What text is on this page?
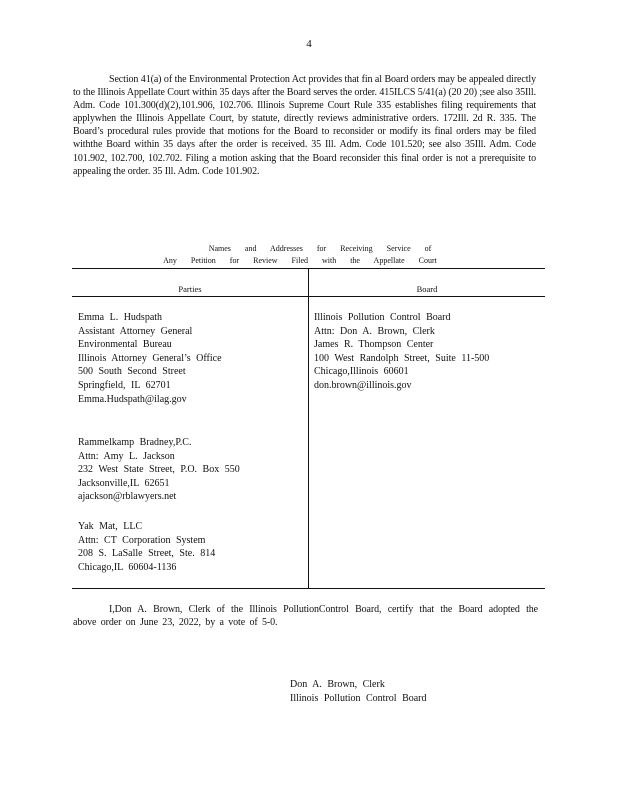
4

Section 41(a) of the Environmental Protection Act provides that fin al Board orders may be appealed directly to the Illinois Appellate Court within 35 days after the Board serves the order. 415ILCS 5/41(a) (20 20) ;see also 35Ill. Adm. Code 101.300(d)(2),101.906, 102.706. Illinois Supreme Court Rule 335 establishes filing requirements that applywhen the Illinois Appellate Court, by statute, directly reviews administrative orders. 172Ill. 2d R. 335. The Board’s procedural rules provide that motions for the Board to reconsider or modify its final orders may be filed withthe Board within 35 days after the order is received. 35 Ill. Adm. Code 101.520; see also 35Ill. Adm. Code 101.902, 102.700, 102.702. Filing a motion asking that the Board reconsider this final order is not a prerequisite to appealing the order. 35 Ill. Adm. Code 101.902.

Names and Addresses for Receiving Service of
Any Petition for Review Filed with the Appellate Court
Parties	Board
Emma L. Hudspath
Assistant Attorney General
Environmental Bureau
Illinois Attorney General’s Office
500 South Second Street
Springfield, IL 62701
Emma.Hudspath@ilag.gov
Rammelkamp Bradney,P.C.
Attn: Amy L. Jackson
232 West State Street, P.O. Box 550
Jacksonville,IL 62651
ajackson@rblawyers.net
Yak Mat, LLC
Attn: CT Corporation System
208 S. LaSalle Street, Ste. 814
Chicago,IL 60604-1136
Illinois Pollution Control Board
Attn: Don A. Brown, Clerk
James R. Thompson Center
100 West Randolph Street, Suite 11-500
Chicago,Illinois 60601
don.brown@illinois.gov

I,Don A. Brown, Clerk of the Illinois PollutionControl Board, certify that the Board adopted the above order on June 23, 2022, by a vote of 5-0.

Don A. Brown, Clerk
Illinois Pollution Control Board
